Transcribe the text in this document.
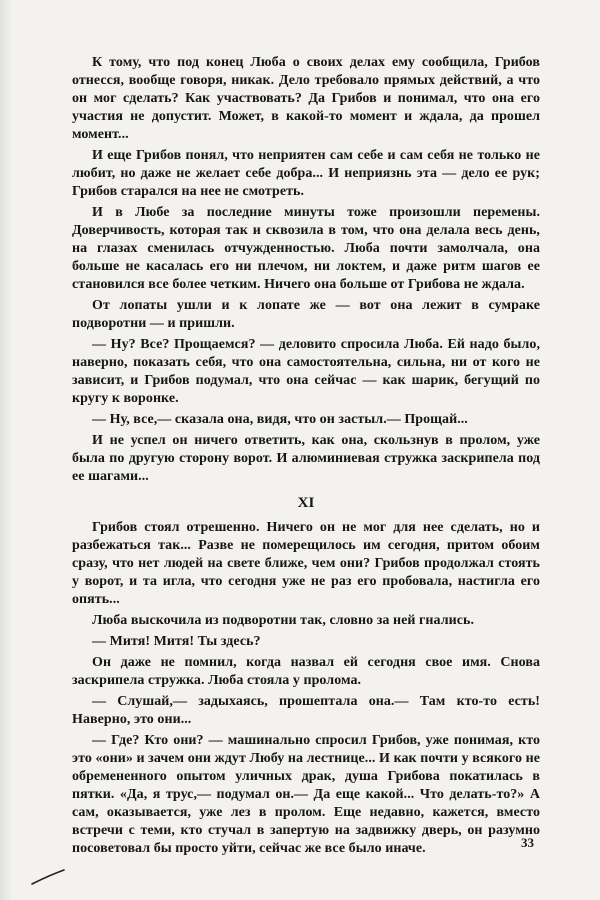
К тому, что под конец Люба о своих делах ему сообщила, Грибов отнесся, вообще говоря, никак. Дело требовало прямых действий, а что он мог сделать? Как участвовать? Да Грибов и понимал, что она его участия не допустит. Может, в какой-то момент и ждала, да прошел момент...

И еще Грибов понял, что неприятен сам себе и сам себя не только не любит, но даже не желает себе добра... И неприязнь эта — дело ее рук; Грибов старался на нее не смотреть.

И в Любе за последние минуты тоже произошли перемены. Доверчивость, которая так и сквозила в том, что она делала весь день, на глазах сменилась отчужденностью. Люба почти замолчала, она больше не касалась его ни плечом, ни локтем, и даже ритм шагов ее становился все более четким. Ничего она больше от Грибова не ждала.

От лопаты ушли и к лопате же — вот она лежит в сумраке подворотни — и пришли.

— Ну? Все? Прощаемся? — деловито спросила Люба. Ей надо было, наверно, показать себя, что она самостоятельна, сильна, ни от кого не зависит, и Грибов подумал, что она сейчас — как шарик, бегущий по кругу к воронке.

— Ну, все,— сказала она, видя, что он застыл.— Прощай...

И не успел он ничего ответить, как она, скользнув в пролом, уже была по другую сторону ворот. И алюминиевая стружка заскрипела под ее шагами...

XI

Грибов стоял отрешенно. Ничего он не мог для нее сделать, но и разбежаться так... Разве не померещилось им сегодня, притом обоим сразу, что нет людей на свете ближе, чем они? Грибов продолжал стоять у ворот, и та игла, что сегодня уже не раз его пробовала, настигла его опять...

Люба выскочила из подворотни так, словно за ней гнались.

— Митя! Митя! Ты здесь?

Он даже не помнил, когда назвал ей сегодня свое имя. Снова заскрипела стружка. Люба стояла у пролома.

— Слушай,— задыхаясь, прошептала она.— Там кто-то есть! Наверно, это они...

— Где? Кто они? — машинально спросил Грибов, уже понимая, кто это «они» и зачем они ждут Любу на лестнице... И как почти у всякого не обремененного опытом уличных драк, душа Грибова покатилась в пятки. «Да, я трус,— подумал он.— Да еще какой... Что делать-то?» А сам, оказывается, уже лез в пролом. Еще недавно, кажется, вместо встречи с теми, кто стучал в запертую на задвижку дверь, он разумно посоветовал бы просто уйти, сейчас же все было иначе.	33
